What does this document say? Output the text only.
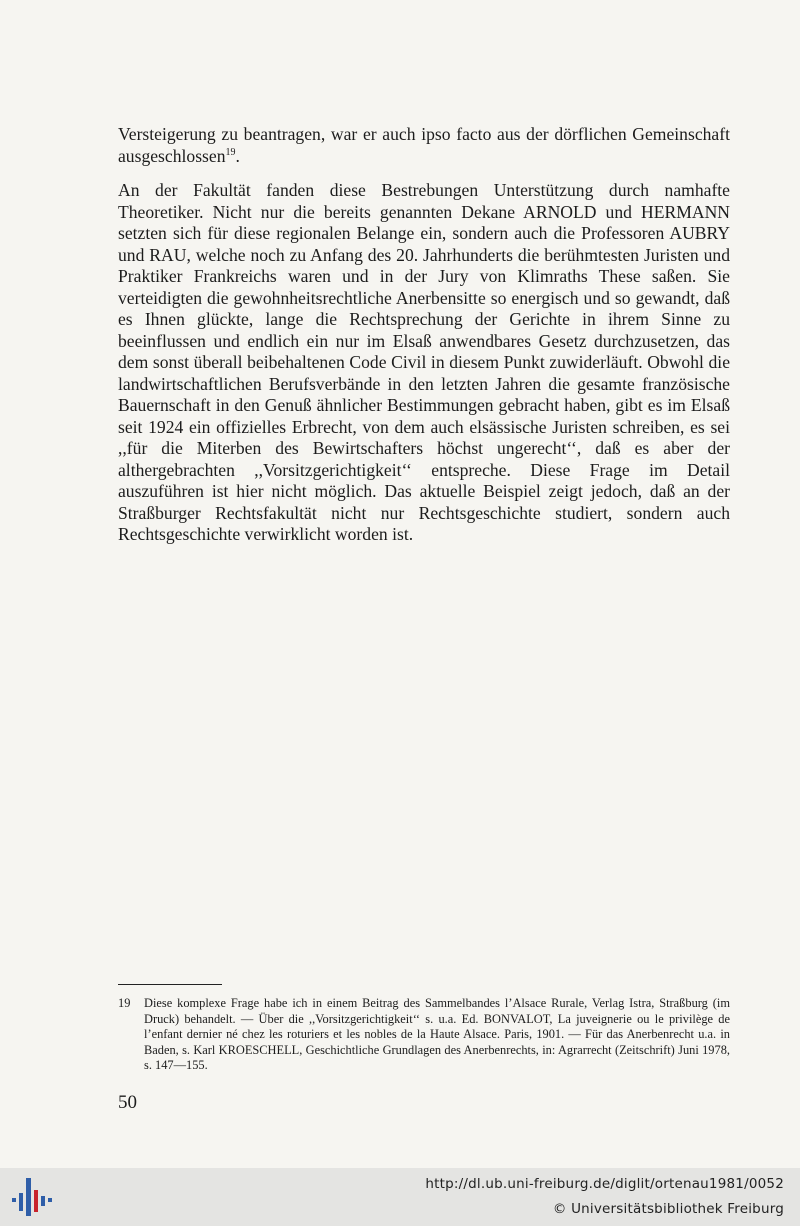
Versteigerung zu beantragen, war er auch ipso facto aus der dörflichen Gemeinschaft ausgeschlossen$^{19}$.

An der Fakultät fanden diese Bestrebungen Unterstützung durch namhafte Theoretiker. Nicht nur die bereits genannten Dekane ARNOLD und HERMANN setzten sich für diese regionalen Belange ein, sondern auch die Professoren AUBRY und RAU, welche noch zu Anfang des 20. Jahrhunderts die berühmtesten Juristen und Praktiker Frankreichs waren und in der Jury von Klimraths These saßen. Sie verteidigten die gewohnheitsrechtliche Anerbensitte so energisch und so gewandt, daß es Ihnen glückte, lange die Rechtsprechung der Gerichte in ihrem Sinne zu beeinflussen und endlich ein nur im Elsaß anwendbares Gesetz durchzusetzen, das dem sonst überall beibehaltenen Code Civil in diesem Punkt zuwiderläuft. Obwohl die landwirtschaftlichen Berufsverbände in den letzten Jahren die gesamte französische Bauernschaft in den Genuß ähnlicher Bestimmungen gebracht haben, gibt es im Elsaß seit 1924 ein offizielles Erbrecht, von dem auch elsässische Juristen schreiben, es sei ,,für die Miterben des Bewirtschafters höchst ungerecht‘‘, daß es aber der althergebrachten ,,Vorsitzgerichtigkeit‘‘ entspreche. Diese Frage im Detail auszuführen ist hier nicht möglich. Das aktuelle Beispiel zeigt jedoch, daß an der Straßburger Rechtsfakultät nicht nur Rechtsgeschichte studiert, sondern auch Rechtsgeschichte verwirklicht worden ist.

19 Diese komplexe Frage habe ich in einem Beitrag des Sammelbandes l’Alsace Rurale, Verlag Istra, Straßburg (im Druck) behandelt. — Über die ,,Vorsitzgerichtigkeit‘‘ s. u.a. Ed. BONVALOT, La juveignerie ou le privilège de l’enfant dernier né chez les roturiers et les nobles de la Haute Alsace. Paris, 1901. — Für das Anerbenrecht u.a. in Baden, s. Karl KROESCHELL, Geschichtliche Grundlagen des Anerbenrechts, in: Agrarrecht (Zeitschrift) Juni 1978, s. 147—155.

50

http://dl.ub.uni-freiburg.de/diglit/ortenau1981/0052
© Universitätsbibliothek Freiburg
